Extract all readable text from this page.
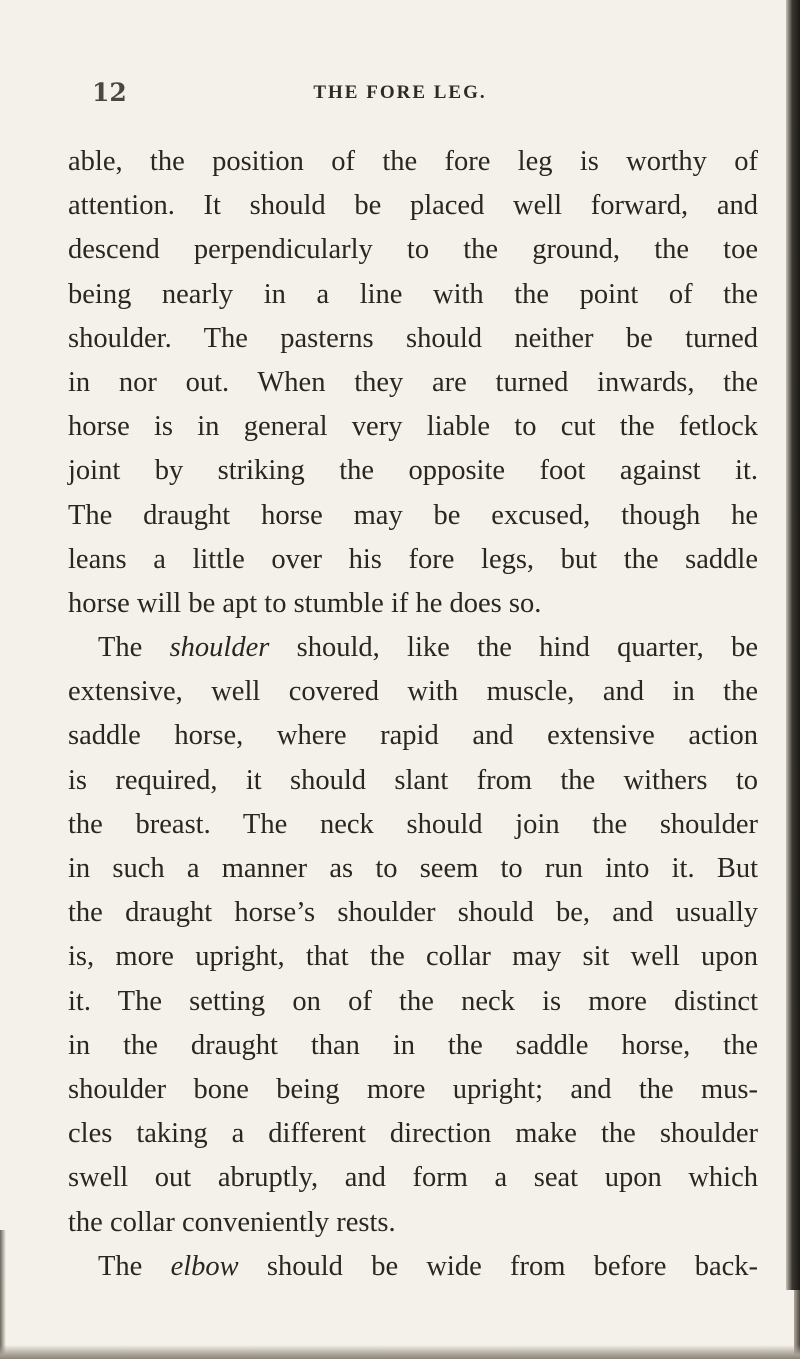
12	THE FORE LEG.
able, the position of the fore leg is worthy of
attention. It should be placed well forward, and
descend perpendicularly to the ground, the toe
being nearly in a line with the point of the
shoulder. The pasterns should neither be turned
in nor out. When they are turned inwards, the
horse is in general very liable to cut the fetlock
joint by striking the opposite foot against it.
The draught horse may be excused, though he
leans a little over his fore legs, but the saddle
horse will be apt to stumble if he does so.
The shoulder should, like the hind quarter, be
extensive, well covered with muscle, and in the
saddle horse, where rapid and extensive action
is required, it should slant from the withers to
the breast. The neck should join the shoulder
in such a manner as to seem to run into it. But
the draught horse’s shoulder should be, and usually
is, more upright, that the collar may sit well upon
it. The setting on of the neck is more distinct
in the draught than in the saddle horse, the
shoulder bone being more upright; and the mus-
cles taking a different direction make the shoulder
swell out abruptly, and form a seat upon which
the collar conveniently rests.
The elbow should be wide from before back-
